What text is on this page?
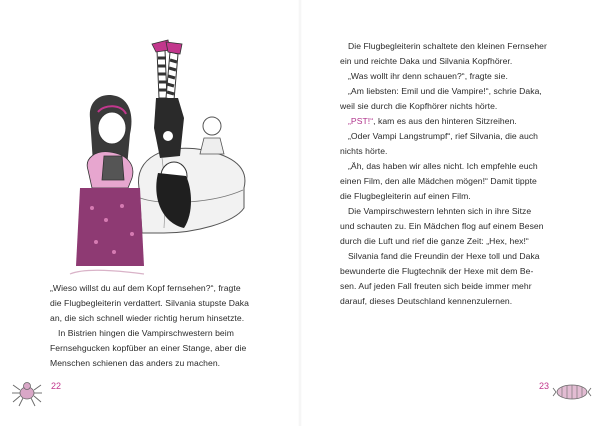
„Wieso willst du auf dem Kopf fernsehen?“, fragte

die Flugbegleiterin verdattert. Silvania stupste Daka

an, die sich schnell wieder richtig herum hinsetzte.

In Bistrien hingen die Vampirschwestern beim

Fernsehgucken kopfüber an einer Stange, aber die

Menschen schienen das anders zu machen.

22

Die Flugbegleiterin schaltete den kleinen Fernseher

ein und reichte Daka und Silvania Kopfhörer.

„Was wollt ihr denn schauen?“, fragte sie.

„Am liebsten: Emil und die Vampire!“, schrie Daka,

weil sie durch die Kopfhörer nichts hörte.

„PST!“, kam es aus den hinteren Sitzreihen.

„Oder Vampi Langstrumpf“, rief Silvania, die auch

nichts hörte.

„Äh, das haben wir alles nicht. Ich empfehle euch

einen Film, den alle Mädchen mögen!“ Damit tippte

die Flugbegleiterin auf einen Film.

Die Vampirschwestern lehnten sich in ihre Sitze

und schauten zu. Ein Mädchen flog auf einem Besen

durch die Luft und rief die ganze Zeit: „Hex, hex!“

Silvania fand die Freundin der Hexe toll und Daka

bewunderte die Flugtechnik der Hexe mit dem Be-

sen. Auf jeden Fall freuten sich beide immer mehr

darauf, dieses Deutschland kennenzulernen.

23
